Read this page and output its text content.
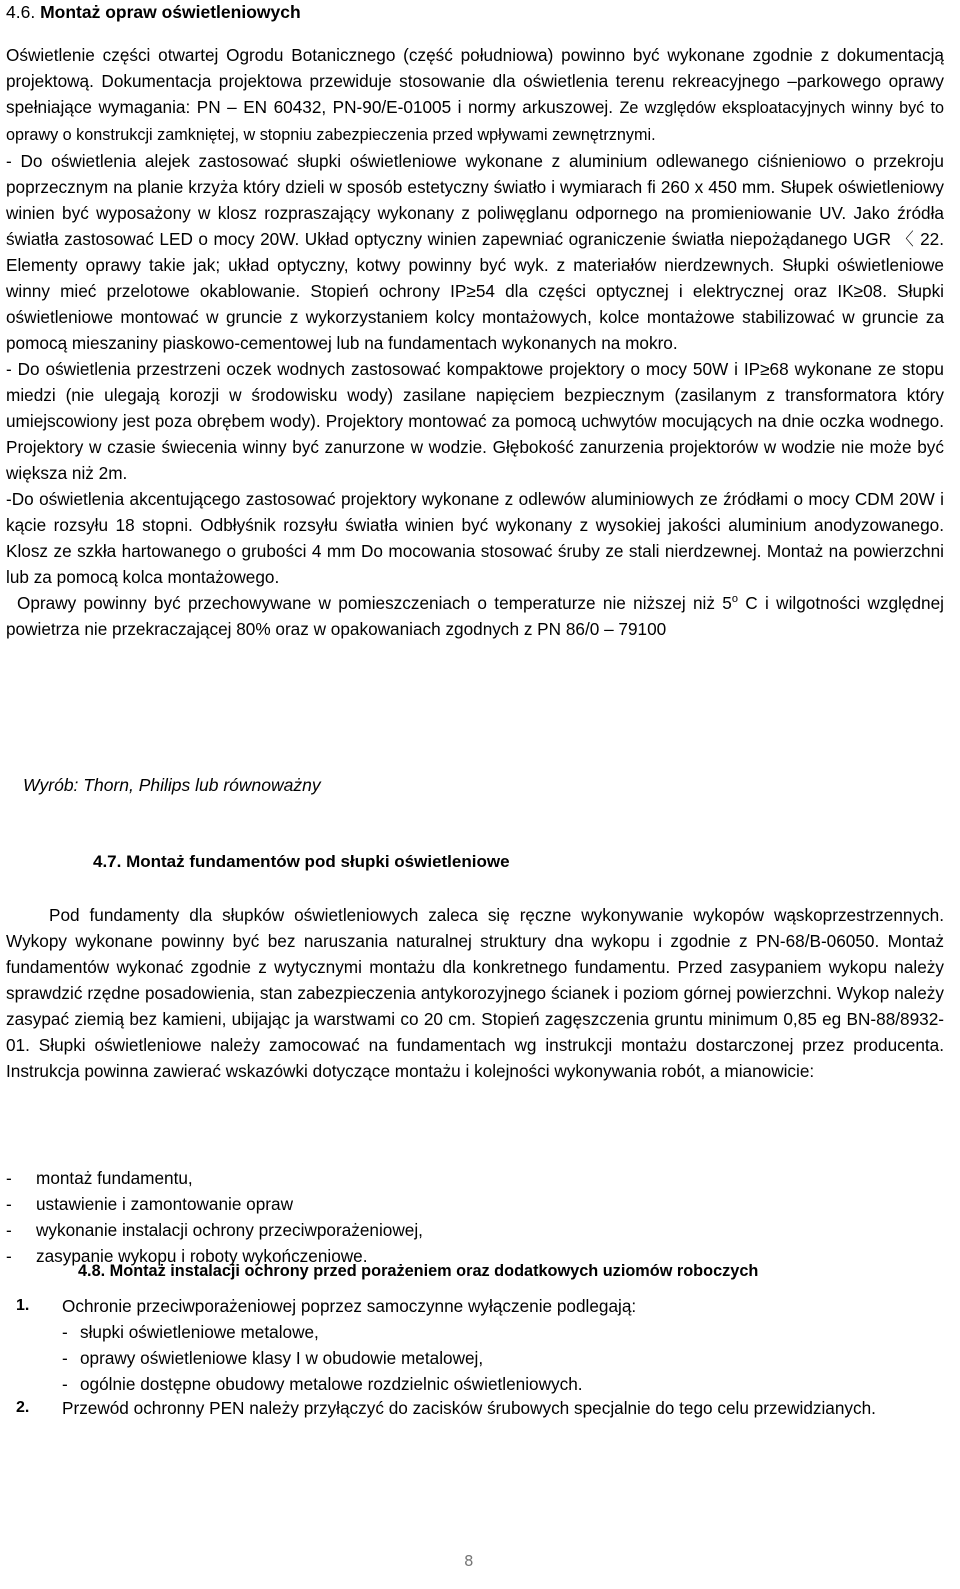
4.6. Montaż opraw oświetleniowych

Oświetlenie części otwartej Ogrodu Botanicznego (część południowa) powinno być wykonane zgodnie z dokumentacją projektową. Dokumentacja projektowa przewiduje stosowanie dla oświetlenia terenu rekreacyjnego –parkowego oprawy spełniające wymagania: PN – EN 60432, PN-90/E-01005 i normy arkuszowej. Ze względów eksploatacyjnych winny być to oprawy o konstrukcji zamkniętej, w stopniu zabezpieczenia przed wpływami zewnętrznymi.

- Do oświetlenia alejek zastosować słupki oświetleniowe wykonane z aluminium odlewanego ciśnieniowo o przekroju poprzecznym na planie krzyża który dzieli w sposób estetyczny światło i wymiarach fi 260 x 450 mm. Słupek oświetleniowy winien być wyposażony w klosz rozpraszający wykonany z poliwęglanu odpornego na promieniowanie UV. Jako źródła światła zastosować LED o mocy 20W. Układ optyczny winien zapewniać ograniczenie światła niepożądanego UGR 〈 22. Elementy oprawy takie jak; układ optyczny, kotwy powinny być wyk. z materiałów nierdzewnych. Słupki oświetleniowe winny mieć przelotowe okablowanie. Stopień ochrony IP≥54 dla części optycznej i elektrycznej oraz IK≥08. Słupki oświetleniowe montować w gruncie z wykorzystaniem kolcy montażowych, kolce montażowe stabilizować w gruncie za pomocą mieszaniny piaskowo-cementowej lub na fundamentach wykonanych na mokro.

- Do oświetlenia przestrzeni oczek wodnych zastosować kompaktowe projektory o mocy 50W i IP≥68 wykonane ze stopu miedzi (nie ulegają korozji w środowisku wody) zasilane napięciem bezpiecznym (zasilanym z transformatora który umiejscowiony jest poza obrębem wody). Projektory montować za pomocą uchwytów mocujących na dnie oczka wodnego. Projektory w czasie świecenia winny być zanurzone w wodzie. Głębokość zanurzenia projektorów w wodzie nie może być większa niż 2m.

-Do oświetlenia akcentującego zastosować projektory wykonane z odlewów aluminiowych ze źródłami o mocy CDM 20W i kącie rozsyłu 18 stopni. Odbłyśnik rozsyłu światła winien być wykonany z wysokiej jakości aluminium anodyzowanego. Klosz ze szkła hartowanego o grubości 4 mm Do mocowania stosować śruby ze stali nierdzewnej. Montaż na powierzchni lub za pomocą kolca montażowego.

Oprawy powinny być przechowywane w pomieszczeniach o temperaturze nie niższej niż 5$^o$ C i wilgotności względnej powietrza nie przekraczającej 80% oraz w opakowaniach zgodnych z PN 86/0 – 79100

Wyrób: Thorn, Philips lub równoważny
4.7. Montaż fundamentów pod słupki oświetleniowe

Pod fundamenty dla słupków oświetleniowych zaleca się ręczne wykonywanie wykopów wąskoprzestrzennych. Wykopy wykonane powinny być bez naruszania naturalnej struktury dna wykopu i zgodnie z PN-68/B-06050. Montaż fundamentów wykonać zgodnie z wytycznymi montażu dla konkretnego fundamentu. Przed zasypaniem wykopu należy sprawdzić rzędne posadowienia, stan zabezpieczenia antykorozyjnego ścianek i poziom górnej powierzchni. Wykop należy zasypać ziemią bez kamieni, ubijając ja warstwami co 20 cm. Stopień zagęszczenia gruntu minimum 0,85 eg BN-88/8932-01. Słupki oświetleniowe należy zamocować na fundamentach wg instrukcji montażu dostarczonej przez producenta. Instrukcja powinna zawierać wskazówki dotyczące montażu i kolejności wykonywania robót, a mianowicie:

-	montaż fundamentu,
-	ustawienie i zamontowanie opraw
-	wykonanie instalacji ochrony przeciwporażeniowej,
-	zasypanie wykopu i roboty wykończeniowe.
4.8. Montaż instalacji ochrony przed porażeniem oraz dodatkowych uziomów roboczych
1.	Ochronie przeciwporażeniowej poprzez samoczynne wyłączenie podlegają:
- słupki oświetleniowe metalowe,
- oprawy oświetleniowe klasy I w obudowie metalowej,
- ogólnie dostępne obudowy metalowe rozdzielnic oświetleniowych.
2.	Przewód ochronny PEN należy przyłączyć do zacisków śrubowych specjalnie do tego celu przewidzianych.
8
